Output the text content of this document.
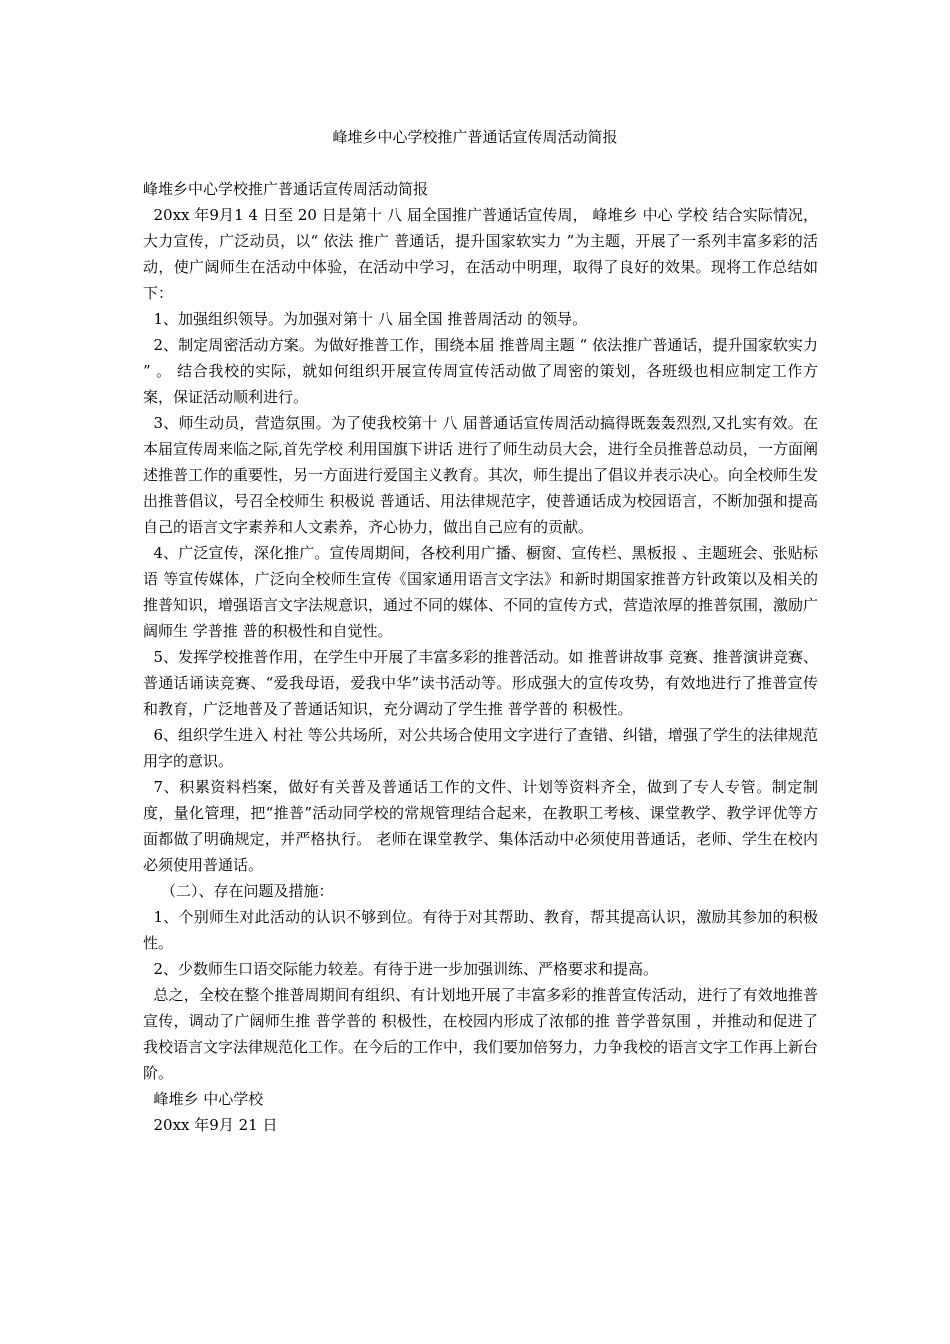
峰堆乡中心学校推广普通话宣传周活动简报

峰堆乡中心学校推广普通话宣传周活动简报

20xx 年9月1 4 日至 20 日是第十 八 届全国推广普通话宣传周， 峰堆乡 中心 学校 结合实际情况，大力宣传，广泛动员，以“ 依法 推广 普通话，提升国家软实力 ”为主题，开展了一系列丰富多彩的活动，使广阔师生在活动中体验，在活动中学习，在活动中明理，取得了良好的效果。现将工作总结如下：

1、加强组织领导。为加强对第十 八 届全国 推普周活动 的领导。

2、制定周密活动方案。为做好推普工作，围绕本届 推普周主题 “ 依法推广普通话，提升国家软实力 ” 。 结合我校的实际，就如何组织开展宣传周宣传活动做了周密的策划，各班级也相应制定工作方案，保证活动顺利进行。

3、师生动员，营造氛围。为了使我校第十 八 届普通话宣传周活动搞得既轰轰烈烈,又扎实有效。在本届宣传周来临之际,首先学校 利用国旗下讲话 进行了师生动员大会，进行全员推普总动员，一方面阐述推普工作的重要性，另一方面进行爱国主义教育。其次，师生提出了倡议并表示决心。向全校师生发出推普倡议，号召全校师生 积极说 普通话、用法律规范字，使普通话成为校园语言，不断加强和提高自己的语言文字素养和人文素养，齐心协力，做出自己应有的贡献。

4、广泛宣传，深化推广。宣传周期间，各校利用广播、橱窗、宣传栏、黑板报 、主题班会、张贴标语 等宣传媒体，广泛向全校师生宣传《国家通用语言文字法》和新时期国家推普方针政策以及相关的推普知识，增强语言文字法规意识，通过不同的媒体、不同的宣传方式，营造浓厚的推普氛围，激励广阔师生 学普推 普的积极性和自觉性。

5、发挥学校推普作用，在学生中开展了丰富多彩的推普活动。如 推普讲故事 竞赛、推普演讲竞赛、普通话诵读竞赛、“爱我母语，爱我中华”读书活动等。形成强大的宣传攻势，有效地进行了推普宣传和教育，广泛地普及了普通话知识，充分调动了学生推 普学普的 积极性。

6、组织学生进入 村社 等公共场所，对公共场合使用文字进行了查错、纠错，增强了学生的法律规范用字的意识。

7、积累资料档案，做好有关普及普通话工作的文件、计划等资料齐全，做到了专人专管。制定制度，量化管理，把“推普”活动同学校的常规管理结合起来，在教职工考核、课堂教学、教学评优等方面都做了明确规定，并严格执行。 老师在课堂教学、集体活动中必须使用普通话，老师、学生在校内必须使用普通话。

（二）、存在问题及措施：

1、个别师生对此活动的认识不够到位。有待于对其帮助、教育，帮其提高认识，激励其参加的积极性。

2、少数师生口语交际能力较差。有待于进一步加强训练、严格要求和提高。

总之，全校在整个推普周期间有组织、有计划地开展了丰富多彩的推普宣传活动，进行了有效地推普宣传，调动了广阔师生推 普学普的 积极性，在校园内形成了浓郁的推 普学普氛围 ，并推动和促进了我校语言文字法律规范化工作。在今后的工作中，我们要加倍努力，力争我校的语言文字工作再上新台阶。

峰堆乡 中心学校

20xx 年9月 21 日
